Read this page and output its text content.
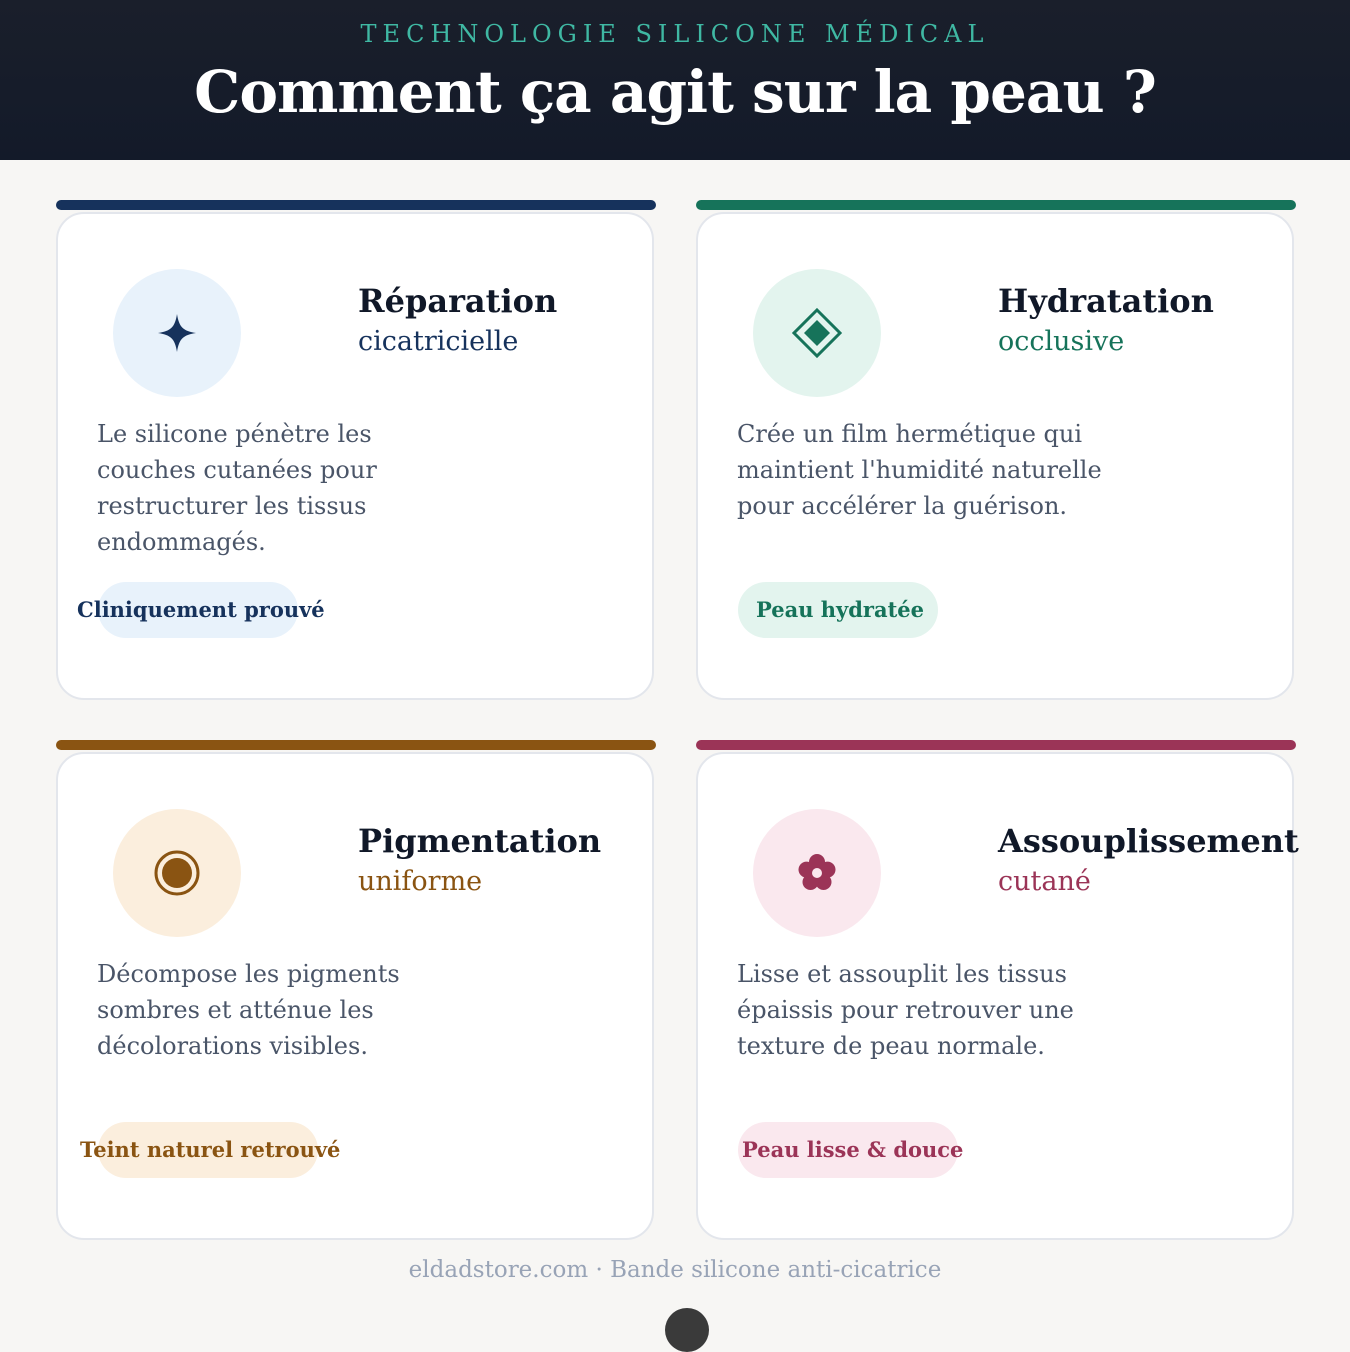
TECHNOLOGIE SILICONE MÉDICAL
Comment ça agit sur la peau ?
Réparation
cicatricielle
Le silicone pénètre les couches cutanées pour restructurer les tissus endommagés.
Cliniquement prouvé
Hydratation
occlusive
Crée un film hermétique qui maintient l'humidité naturelle pour accélérer la guérison.
Peau hydratée
Pigmentation
uniforme
Décompose les pigments sombres et atténue les décolorations visibles.
Teint naturel retrouvé
Assouplissement
cutané
Lisse et assouplit les tissus épaissis pour retrouver une texture de peau normale.
Peau lisse & douce
eldadstore.com · Bande silicone anti-cicatrice
